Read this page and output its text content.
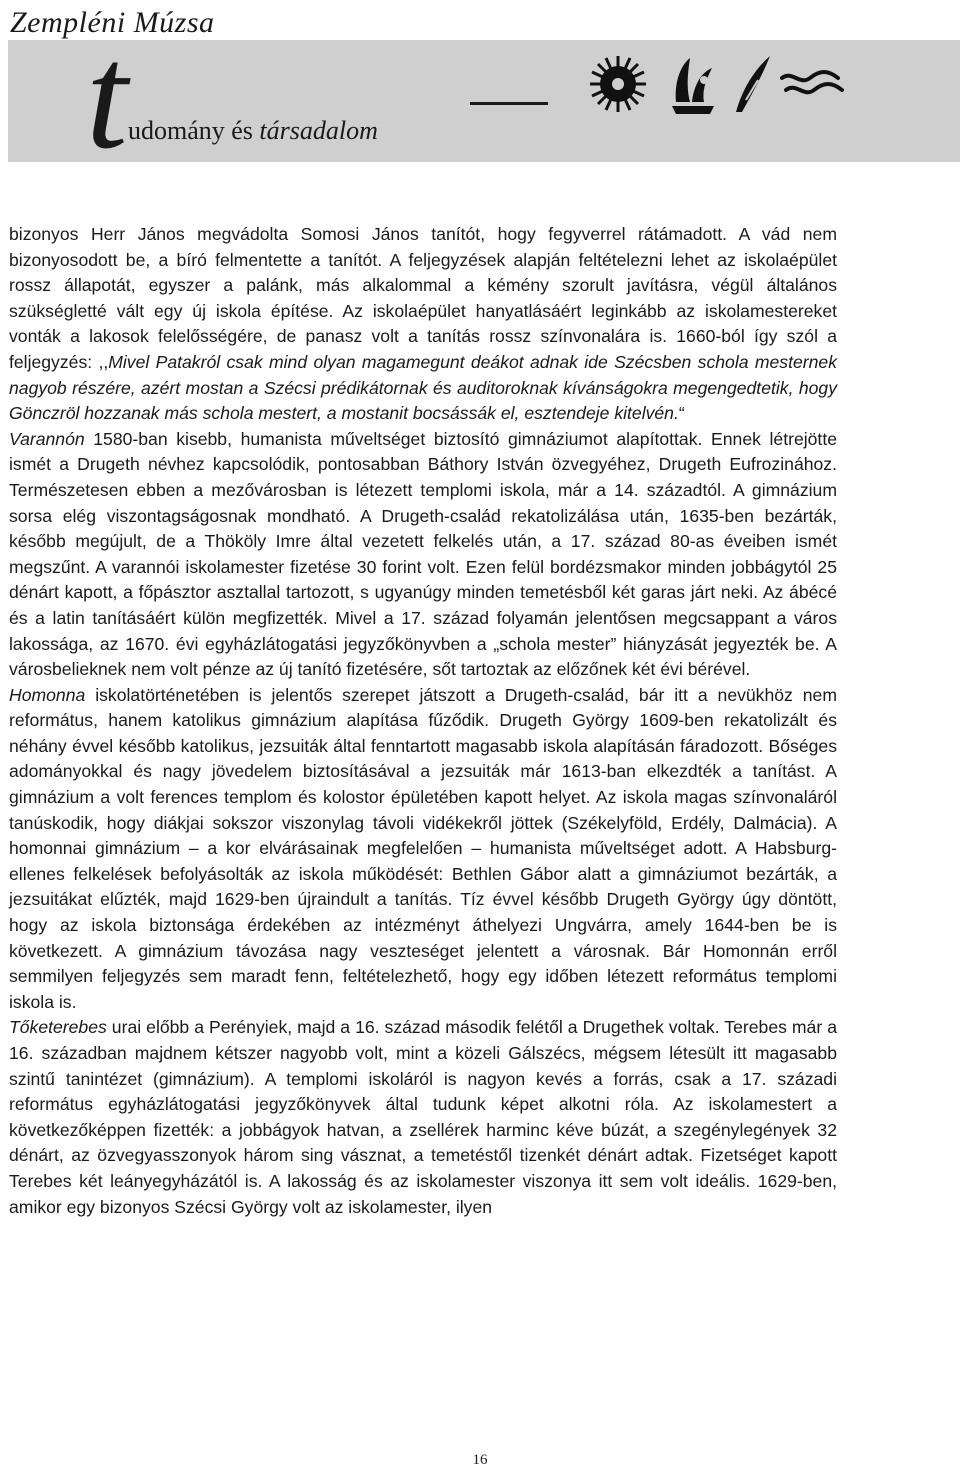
Zempléni Múzsa
t udomány és társadalom

bizonyos Herr János megvádolta Somosi János tanítót, hogy fegyverrel rátámadott. A vád nem bizonyosodott be, a bíró felmentette a tanítót. A feljegyzések alapján feltételezni lehet az iskolaépület rossz állapotát, egyszer a palánk, más alkalommal a kémény szorult javításra, végül általános szükségletté vált egy új iskola építése. Az iskolaépület hanyatlásáért leginkább az iskolamestereket vonták a lakosok felelősségére, de panasz volt a tanítás rossz színvonalára is. 1660-ból így szól a feljegyzés: ,,Mivel Patakról csak mind olyan magamegunt deákot adnak ide Szécsben schola mesternek nagyob részére, azért mostan a Szécsi prédikátornak és auditoroknak kívánságokra megengedtetik, hogy Gönczröl hozzanak más schola mestert, a mostanit bocsássák el, esztendeje kitelvén.“

Varannón 1580-ban kisebb, humanista műveltséget biztosító gimnáziumot alapítottak. Ennek létrejötte ismét a Drugeth névhez kapcsolódik, pontosabban Báthory István özvegyéhez, Drugeth Eufrozinához. Természetesen ebben a mezővárosban is létezett templomi iskola, már a 14. századtól. A gimnázium sorsa elég viszontagságosnak mondható. A Drugeth-család rekatolizálása után, 1635-ben bezárták, később megújult, de a Thököly Imre által vezetett felkelés után, a 17. század 80-as éveiben ismét megszűnt. A varannói iskolamester fizetése 30 forint volt. Ezen felül bordézsmakor minden jobbágytól 25 dénárt kapott, a főpásztor asztallal tartozott, s ugyanúgy minden temetésből két garas járt neki. Az ábécé és a latin tanításáért külön megfizették. Mivel a 17. század folyamán jelentősen megcsappant a város lakossága, az 1670. évi egyházlátogatási jegyzőkönyvben a „schola mester” hiányzását jegyezték be. A városbelieknek nem volt pénze az új tanító fizetésére, sőt tartoztak az előzőnek két évi bérével.

Homonna iskolatörténetében is jelentős szerepet játszott a Drugeth-család, bár itt a nevükhöz nem református, hanem katolikus gimnázium alapítása fűződik. Drugeth György 1609-ben rekatolizált és néhány évvel később katolikus, jezsuiták által fenntartott magasabb iskola alapításán fáradozott. Bőséges adományokkal és nagy jövedelem biztosításával a jezsuiták már 1613-ban elkezdték a tanítást. A gimnázium a volt ferences templom és kolostor épületében kapott helyet. Az iskola magas színvonaláról tanúskodik, hogy diákjai sokszor viszonylag távoli vidékekről jöttek (Székelyföld, Erdély, Dalmácia). A homonnai gimnázium – a kor elvárásainak megfelelően – humanista műveltséget adott. A Habsburg-ellenes felkelések befolyásolták az iskola működését: Bethlen Gábor alatt a gimnáziumot bezárták, a jezsuitákat elűzték, majd 1629-ben újraindult a tanítás. Tíz évvel később Drugeth György úgy döntött, hogy az iskola biztonsága érdekében az intézményt áthelyezi Ungvárra, amely 1644-ben be is következett. A gimnázium távozása nagy veszteséget jelentett a városnak. Bár Homonnán erről semmilyen feljegyzés sem maradt fenn, feltételezhető, hogy egy időben létezett református templomi iskola is.

Tőketerebes urai előbb a Perényiek, majd a 16. század második felétől a Drugethek voltak. Terebes már a 16. században majdnem kétszer nagyobb volt, mint a közeli Gálszécs, mégsem létesült itt magasabb szintű tanintézet (gimnázium). A templomi iskoláról is nagyon kevés a forrás, csak a 17. századi református egyházlátogatási jegyzőkönyvek által tudunk képet alkotni róla. Az iskolamestert a következőképpen fizették: a jobbágyok hatvan, a zsellérek harminc kéve búzát, a szegénylegények 32 dénárt, az özvegyasszonyok három sing vásznat, a temetéstől tizenkét dénárt adtak. Fizetséget kapott Terebes két leányegyházától is. A lakosság és az iskolamester viszonya itt sem volt ideális. 1629-ben, amikor egy bizonyos Szécsi György volt az iskolamester, ilyen

16
